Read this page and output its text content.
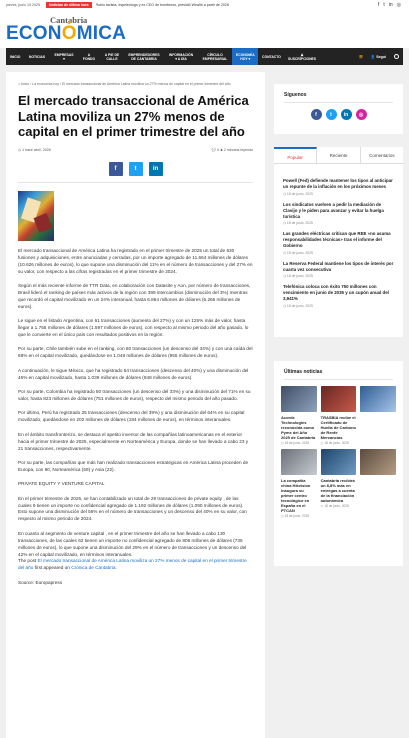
jueves, junio 19 2025	Noticias de última hora	Rubio taxista, espeleólogo y ex CEO de bomberos, presidió Wealth a partir de 2026	f t in ◎
Cantabria
ECONÓMICA
INICIO	NOTICIAS	EMPRESAS ▾
A FONDO
A PIE DE CALLE
EMPRENDEDORES DE CANTABRIA
INFORMACIÓN ▾ A DÍA
CÍRCULO EMPRESARIAL
ECONOMÍA HOY ▾	CONTACTO	♟ SUSCRÍPCIONES	☰ 👤 Segui
⌂ Inicio / La economía hoy / El mercado transaccional de América Latina moviliza un 27% menos de capital en el primer trimestre del año
El mercado transaccional de América Latina moviliza un 27% menos de capital en el primer trimestre del año
◷ 1 hace abril, 2026	💬 0 ⧗ 2 minutos leyendo
f	t	in

El mercado transaccional de América Latina ha registrado en el primer trimestre de 2025 un total de 630 fusiones y adquisiciones, entre anunciadas y cerradas, por un importe agregado de 11.664 millones de dólares (10.626 millones de euros), lo que supone una disminución del 11% en el número de transacciones y del 27% en su valor, con respecto a las cifras registradas en el primer trimestre de 2024.

Según el más reciente informe de TTR Data, en colaboración con Datasite y Aon, por número de transacciones, Brasil lideró el ranking de países más activos de la región con 399 intercambios (disminución del 3%) mientras que recordó el capital movilizado en un 24% interanual, hasta 6.864 millones de dólares (6.266 millones de euros).

Le sigue en el listado Argentina, con 61 transacciones (aumento del 27%) y con un 125% más de valor, hasta llegar a 1.755 millones de dólares (1.597 millones de euros), con respecto al mismo periodo del año pasado, lo que le convierte en el único país con resultados positivos en la región.

Por su parte, Chile también sube en el ranking, con 60 transacciones (un descenso del 34%) y con una caída del 68% en el capital movilizado, quedándose en 1.048 millones de dólares (955 millones de euros).

A continuación, le sigue México, que ha registrado 54 transacciones (descenso del 40%) y una disminución del 46% en capital movilizado, hasta 1.039 millones de dólares (948 millones de euros).

Por su parte, Colombia ha registrado 50 transacciones (un descenso del 33%) y una disminución del 71% en su valor, hasta 823 millones de dólares (751 millones de euros), respecto del mismo periodo del año pasado.

Por último, Perú ha registrado 25 transacciones (descenso del 39%) y una disminución del 64% en su capital movilizado, quedándose en 202 millones de dólares (184 millones de euros), en términos interanuales.

En el ámbito transfronterizo, se destaca el apetito inversor de las compañías latinoamericanas en el exterior hacia el primer trimestre de 2025, especialmente en Norteamérica y Europa, donde se han llevado a cabo 23 y 21 transacciones, respectivamente.

Por su parte, las compañías que más han realizado transacciones estratégicas en América Latina proceden de Europa, con 90, Norteamérica (69) y Asia (22).

PRIVATE EQUITY Y VENTURE CAPITAL

En el primer trimestre de 2025, se han contabilizado un total de 29 transacciones de private equity , de las cuales 9 tienen un importe no confidencial agregado de 1.192 millones de dólares (1.090 millones de euros). Esto supone una disminución del 56% en el número de transacciones y un descenso del 40% en su valor, con respecto al mismo periodo de 2024.

En cuanto al segmento de venture capital , en el primer trimestre del año se han llevado a cabo 130 transacciones, de las cuales 62 tienen un importe no confidencial agregado de 806 millones de dólares (735 millones de euros), lo que supone una disminución del 29% en el número de transacciones y un descenso del 42% en el capital movilizado, en términos interanuales.
The post El mercado transaccional de América Latina moviliza un 27% menos de capital en el primer trimestre del año first appeared on Crónica de Cantabria.

Source: Europapress

Síguenos
f	t	in	◎
Popular	Reciente	Comentarios
Powell (Fed) defiende mantener los tipos al anticipar un repunte de la inflación en los próximos meses
◷ 18 de junio, 2025
Los sindicatos vuelven a pedir la mediación de Clavijo y le piden para avanzar y evitar la huelga turística
◷ 18 de junio, 2025
Las grandes eléctricas critican que REE «no asuma responsabilidades técnicas» tras el informe del Gobierno
◷ 18 de junio, 2025
La Reserva Federal mantiene los tipos de interés por cuarta vez consecutiva
◷ 18 de junio, 2025
Telefónica coloca con éxito 750 millones con vencimiento en junio de 2035 y un cupón anual del 3,941%
◷ 18 de junio, 2025
Últimas noticias
Acorde Technologies reconocida como Pyme del Año 2025 de Cantabria
◷ 18 de junio, 2025
TRASBIA recibe el Certificado de Huella de Carbono de Renfe Mercancías
◷ 18 de junio, 2025
La compañía china Hikvision inaugura su primer centro tecnológico en España en el PTCAN
◷ 18 de junio, 2025
Cantabria recibirá un 8,8% más en entregas a cuenta de la financiación autonómica
◷ 18 de junio, 2025
